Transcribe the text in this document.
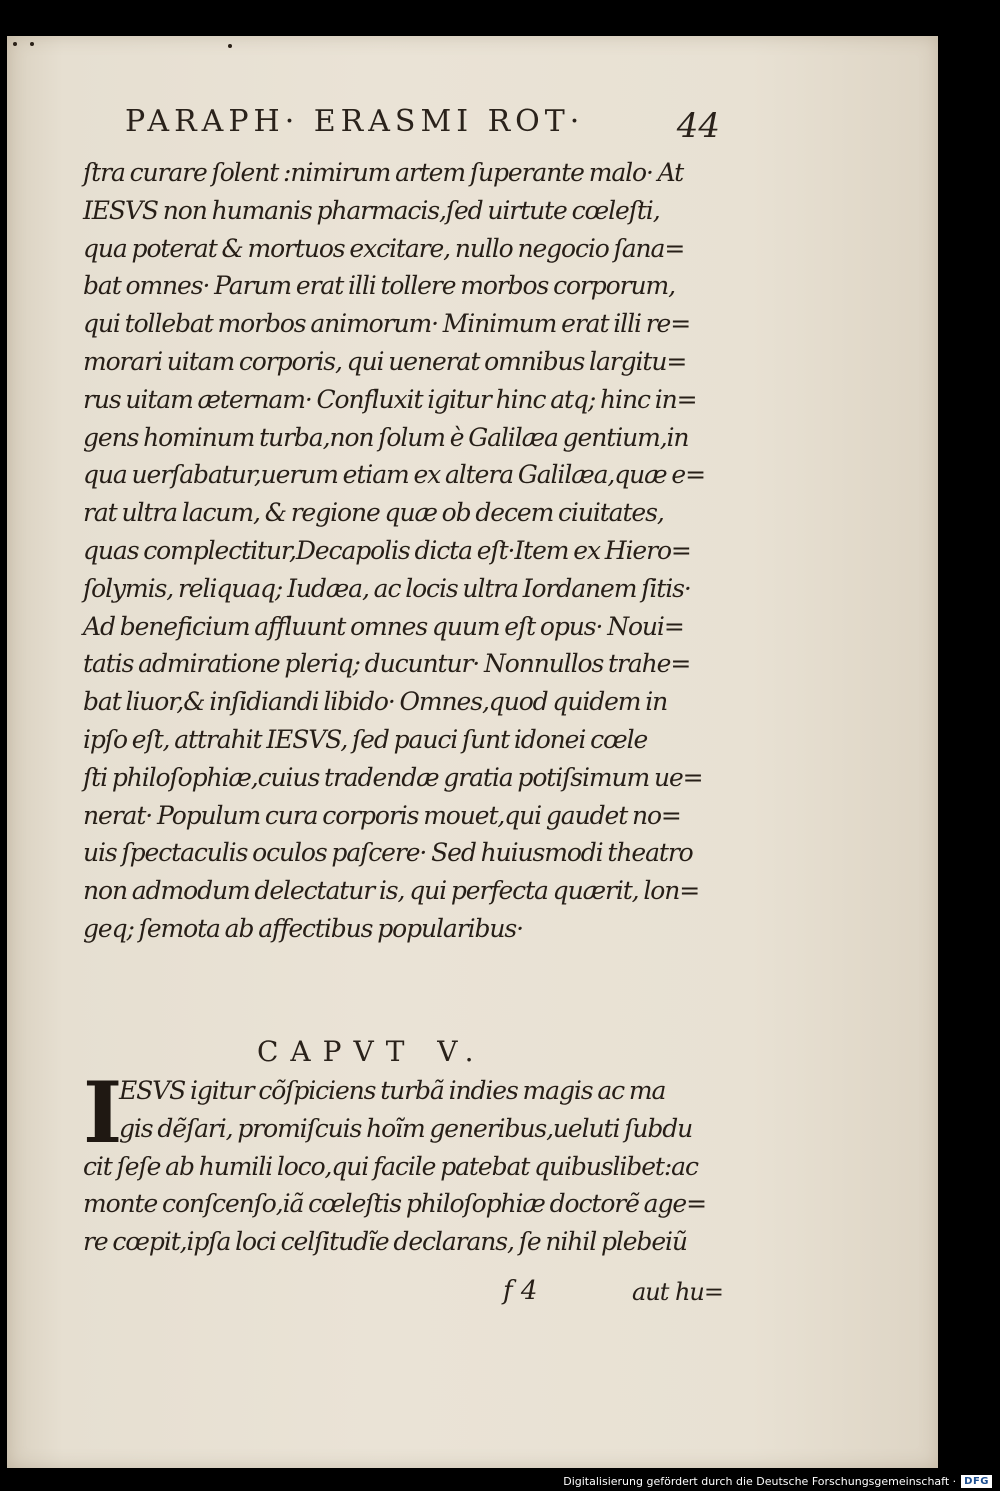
PARAPH· ERASMI ROT·	44
ſtra curare ſolent :nimirum artem ſuperante malo· At
IESVS non humanis pharmacis,ſed uirtute cœleſti,
qua poterat & mortuos excitare, nullo negocio ſana=
bat omnes· Parum erat illi tollere morbos corporum,
qui tollebat morbos animorum· Minimum erat illi re=
morari uitam corporis, qui uenerat omnibus largitu=
rus uitam æternam· Confluxit igitur hinc atq; hinc in=
gens hominum turba,non ſolum è Galilæa gentium,in
qua uerſabatur,uerum etiam ex altera Galilæa,quæ e=
rat ultra lacum, & regione quæ ob decem ciuitates,
quas complectitur,Decapolis dicta eſt·Item ex Hiero=
ſolymis, reliquaq; Iudæa, ac locis ultra Iordanem ſitis·
Ad beneficium affluunt omnes quum eſt opus· Noui=
tatis admiratione pleriq; ducuntur· Nonnullos trahe=
bat liuor,& inſidiandi libido· Omnes,quod quidem in
ipſo eſt, attrahit IESVS, ſed pauci ſunt idonei cœle
ſti philoſophiæ,cuius tradendæ gratia potiſsimum ue=
nerat· Populum cura corporis mouet,qui gaudet no=
uis ſpectaculis oculos paſcere· Sed huiusmodi theatro
non admodum delectatur is, qui perfecta quærit, lon=
geq; ſemota ab affectibus popularibus·
CAPVT V.
I
ESVS igitur cõſpiciens turbã indies magis ac ma
gis dẽſari, promiſcuis hoĩm generibus,ueluti ſubdu
cit ſeſe ab humili loco,qui facile patebat quibuslibet:ac
monte conſcenſo,iã cœleſtis philoſophiæ doctorẽ age=
re cœpit,ipſa loci celſitudĩe declarans, ſe nihil plebeiũ
f 4	aut hu=
Digitalisierung gefördert durch die Deutsche Forschungsgemeinschaft · DFG
